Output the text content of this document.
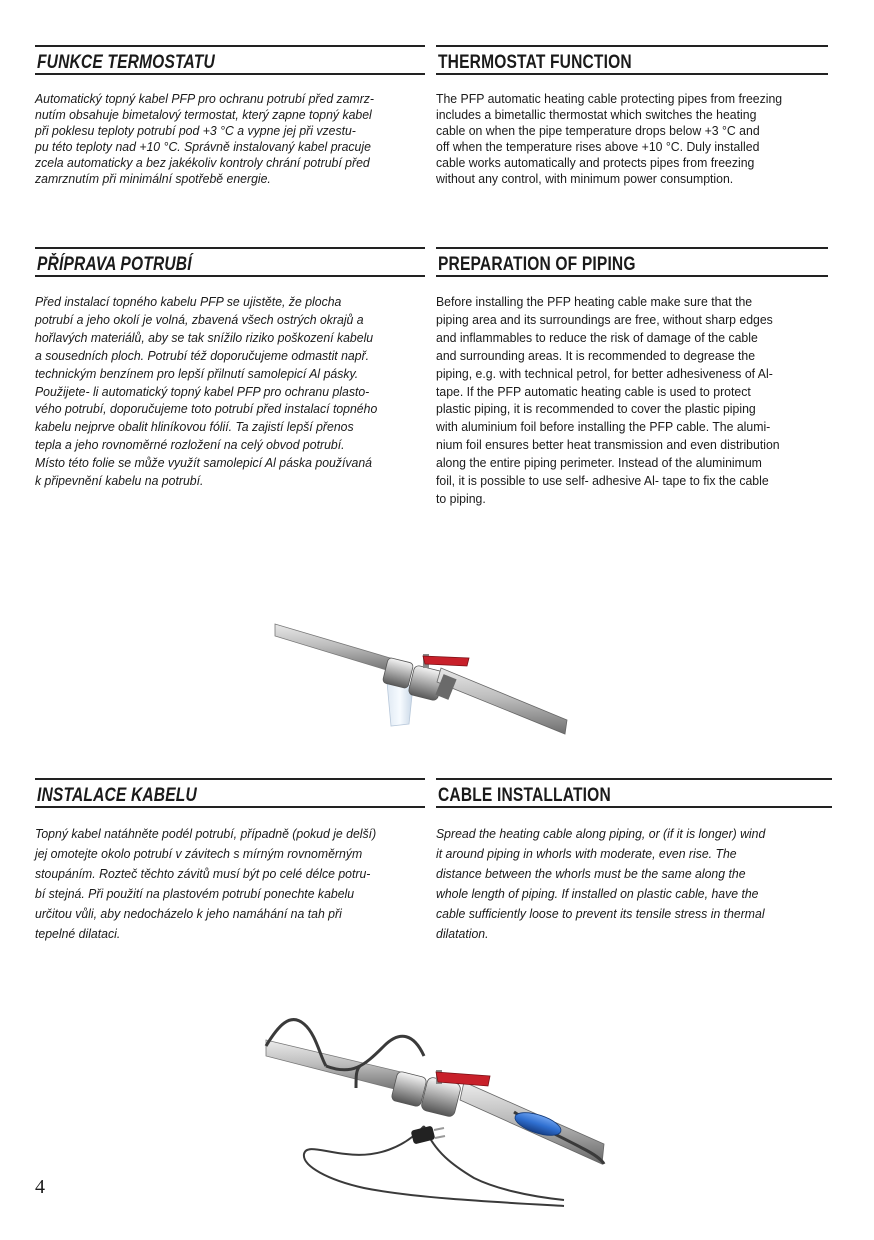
FUNKCE TERMOSTATU
Automatický topný kabel PFP pro ochranu potrubí před zamrz-
nutím obsahuje bimetalový termostat, který zapne topný kabel
při poklesu teploty potrubí pod +3 °C a vypne jej při vzestu-
pu této teploty nad +10 °C. Správně instalovaný kabel pracuje
zcela automaticky a bez jakékoliv kontroly chrání potrubí před
zamrznutím při minimální spotřebě energie.
THERMOSTAT FUNCTION
The PFP automatic heating cable protecting pipes from freezing
includes a bimetallic thermostat which switches the heating
cable on when the pipe temperature drops below +3 °C and
off when the temperature rises above +10 °C. Duly installed
cable works automatically and protects pipes from freezing
without any control, with minimum power consumption.
PŘÍPRAVA POTRUBÍ
Před instalací topného kabelu PFP se ujistěte, že plocha
potrubí a jeho okolí je volná, zbavená všech ostrých okrajů a
hořlavých materiálů, aby se tak snížilo riziko poškození kabelu
a sousedních ploch. Potrubí též doporučujeme odmastit např.
technickým benzínem pro lepší přilnutí samolepicí Al pásky.
Použijete- li automatický topný kabel PFP pro ochranu plasto-
vého potrubí, doporučujeme toto potrubí před instalací topného
kabelu nejprve obalit hliníkovou fólií. Ta zajistí lepší přenos
tepla a jeho rovnoměrné rozložení na celý obvod potrubí.
Místo této folie se může využít samolepicí Al páska používaná
k připevnění kabelu na potrubí.
PREPARATION OF PIPING
Before installing the PFP heating cable make sure that the
piping area and its surroundings are free, without sharp edges
and inflammables to reduce the risk of damage of the cable
and surrounding areas. It is recommended to degrease the
piping, e.g. with technical petrol, for better adhesiveness of Al-
tape. If the PFP automatic heating cable is used to protect
plastic piping, it is recommended to cover the plastic piping
with aluminium foil before installing the PFP cable. The alumi-
nium foil ensures better heat transmission and even distribution
along the entire piping perimeter. Instead of the aluminimum
foil, it is possible to use self- adhesive Al- tape to fix the cable
to piping.
INSTALACE KABELU
Topný kabel natáhněte podél potrubí, případně (pokud je delší)
jej omotejte okolo potrubí v závitech s mírným rovnoměrným
stoupáním. Rozteč těchto závitů musí být po celé délce potru-
bí stejná. Při použití na plastovém potrubí ponechte kabelu
určitou vůli, aby nedocházelo k jeho namáhání na tah při
tepelné dilataci.
CABLE INSTALLATION
Spread the heating cable along piping, or (if it is longer) wind
it around piping in whorls with moderate, even rise. The
distance between the whorls must be the same along the
whole length of piping. If installed on plastic cable, have the
cable sufficiently loose to prevent its tensile stress in thermal
dilatation.
4
